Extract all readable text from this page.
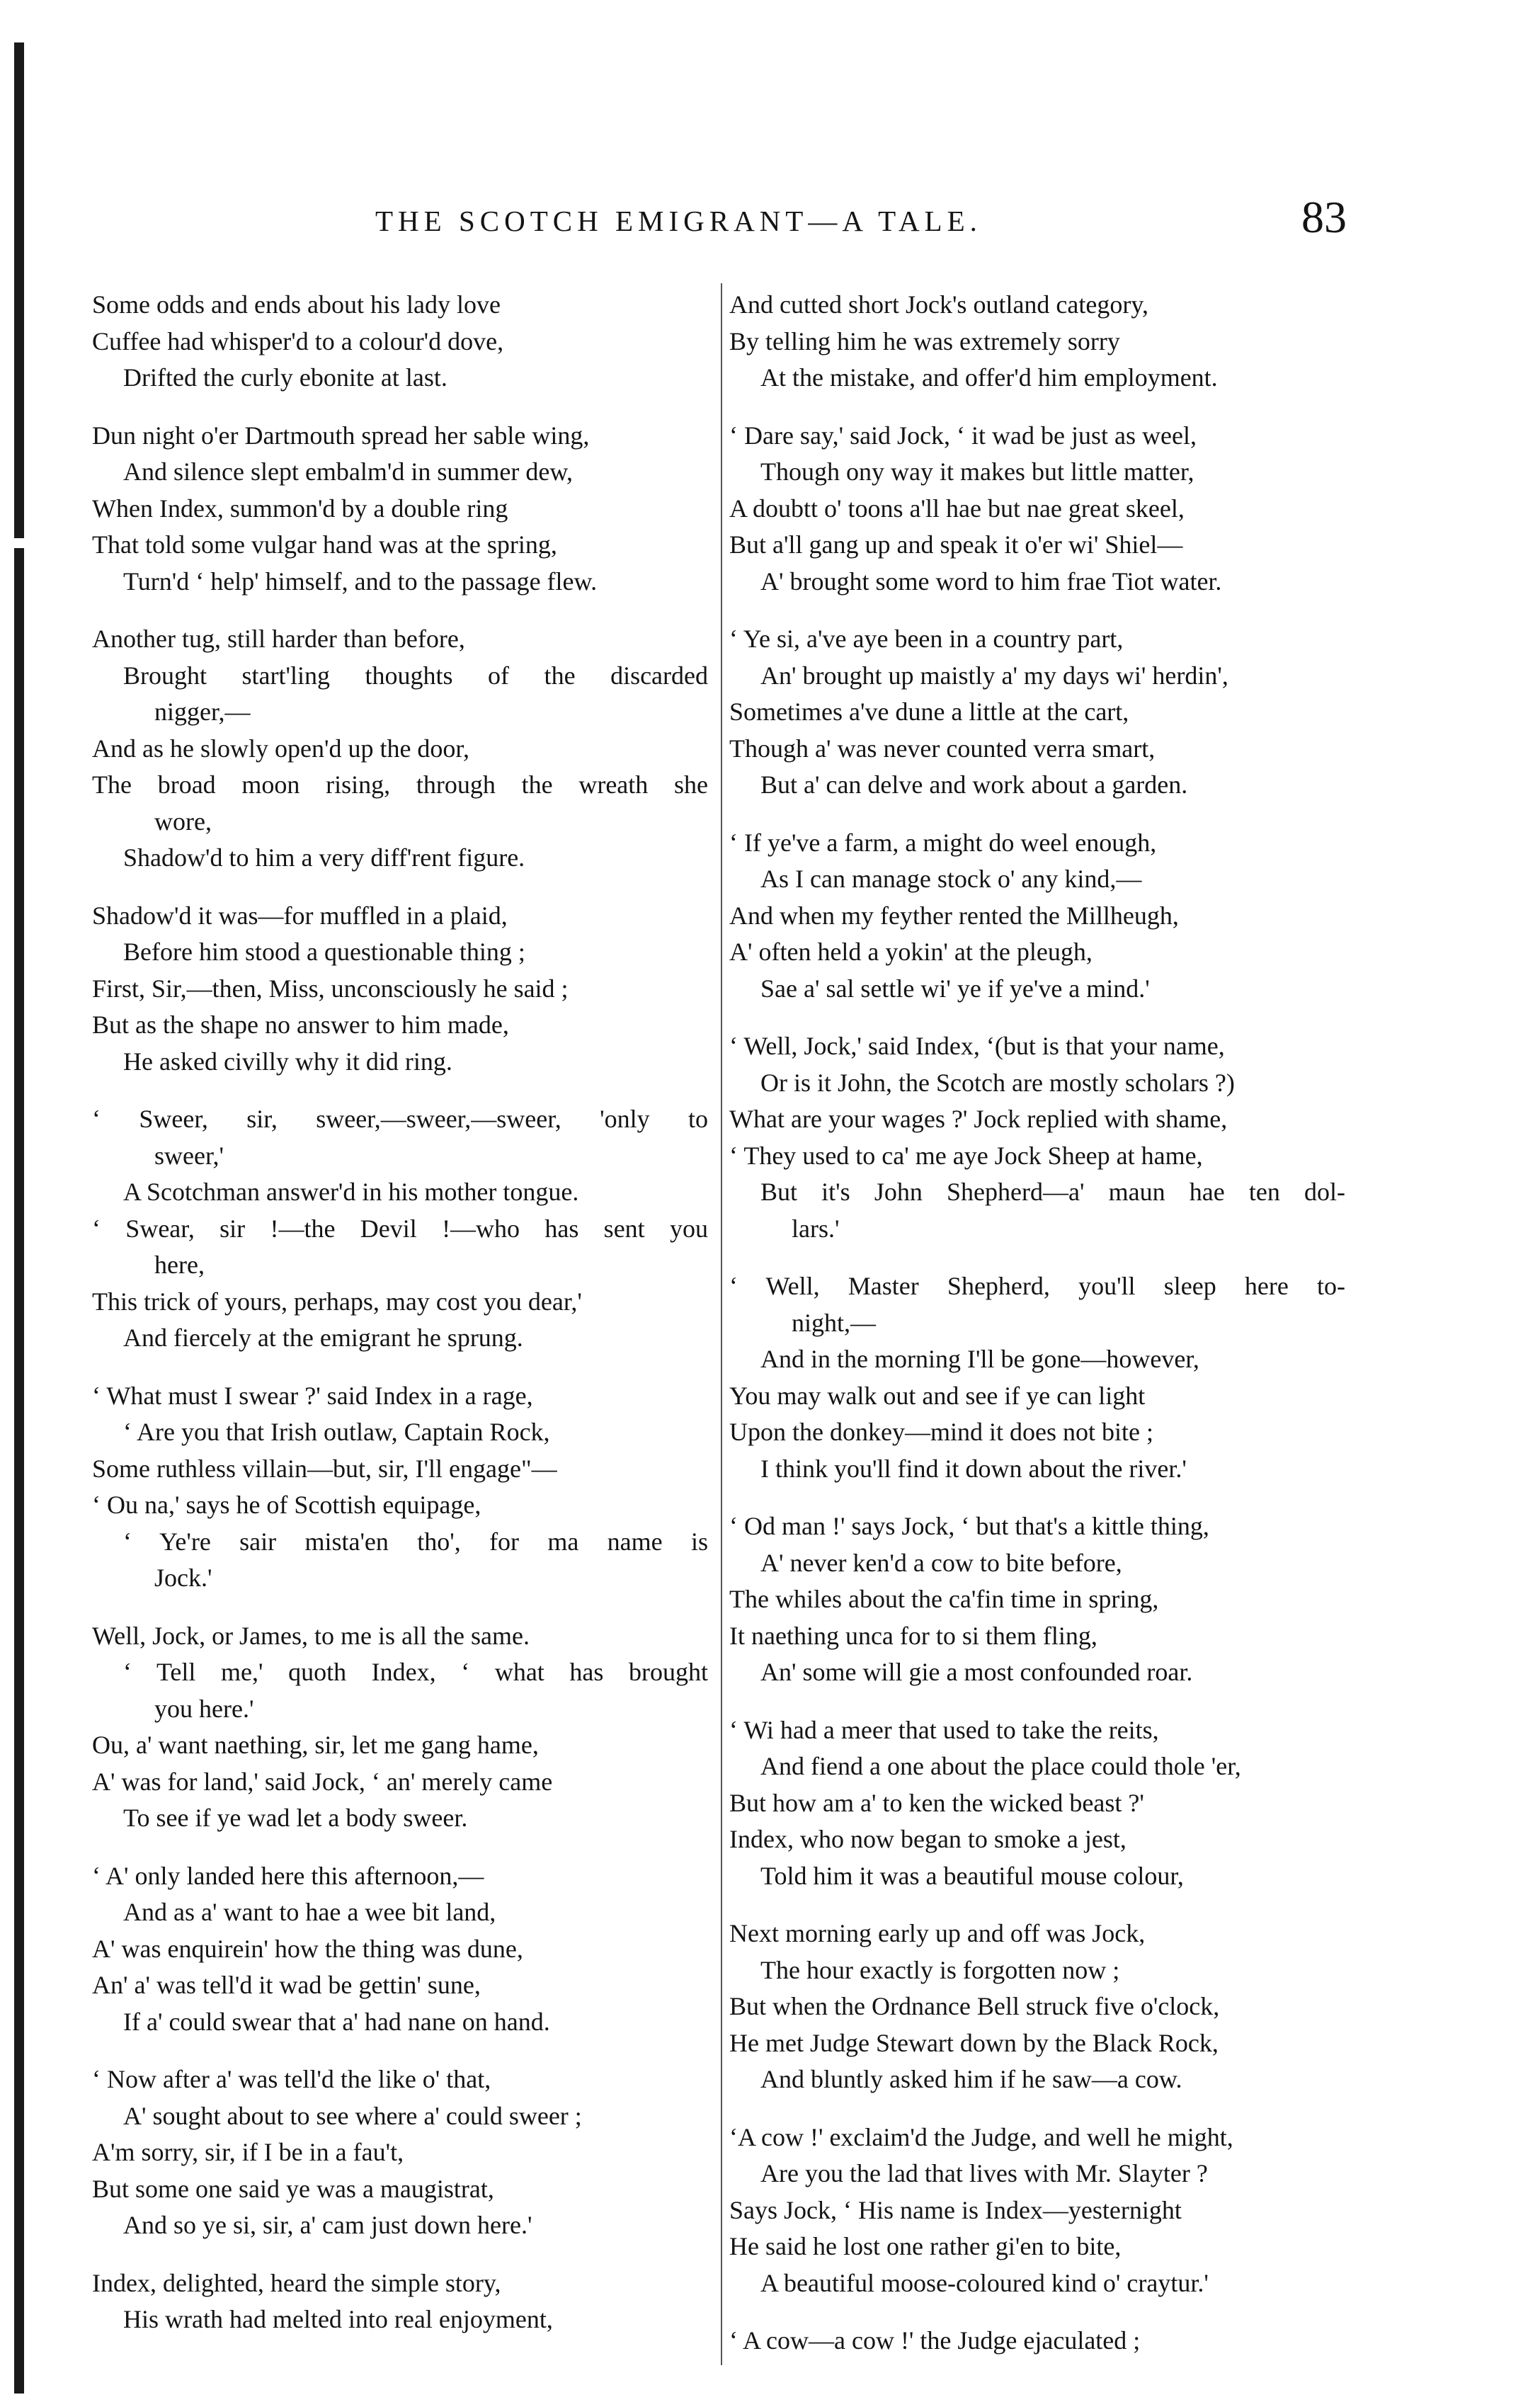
THE SCOTCH EMIGRANT—A TALE.	83
Some odds and ends about his lady love
Cuffee had whisper'd to a colour'd dove,
Drifted the curly ebonite at last.
Dun night o'er Dartmouth spread her sable wing,
And silence slept embalm'd in summer dew,
When Index, summon'd by a double ring
That told some vulgar hand was at the spring,
Turn'd ‘ help' himself, and to the passage flew.
Another tug, still harder than before,
Brought start'ling thoughts of the discarded
nigger,—
And as he slowly open'd up the door,
The broad moon rising, through the wreath she
wore,
Shadow'd to him a very diff'rent figure.
Shadow'd it was—for muffled in a plaid,
Before him stood a questionable thing ;
First, Sir,—then, Miss, unconsciously he said ;
But as the shape no answer to him made,
He asked civilly why it did ring.
‘ Sweer, sir, sweer,—sweer,—sweer, 'only to
sweer,'
A Scotchman answer'd in his mother tongue.
‘ Swear, sir !—the Devil !—who has sent you
here,
This trick of yours, perhaps, may cost you dear,'
And fiercely at the emigrant he sprung.
‘ What must I swear ?' said Index in a rage,
‘ Are you that Irish outlaw, Captain Rock,
Some ruthless villain—but, sir, I'll engage"—
‘ Ou na,' says he of Scottish equipage,
‘ Ye're sair mista'en tho', for ma name is
Jock.'
Well, Jock, or James, to me is all the same.
‘ Tell me,' quoth Index, ‘ what has brought
you here.'
Ou, a' want naething, sir, let me gang hame,
A' was for land,' said Jock, ‘ an' merely came
To see if ye wad let a body sweer.
‘ A' only landed here this afternoon,—
And as a' want to hae a wee bit land,
A' was enquirein' how the thing was dune,
An' a' was tell'd it wad be gettin' sune,
If a' could swear that a' had nane on hand.
‘ Now after a' was tell'd the like o' that,
A' sought about to see where a' could sweer ;
A'm sorry, sir, if I be in a fau't,
But some one said ye was a maugistrat,
And so ye si, sir, a' cam just down here.'
Index, delighted, heard the simple story,
His wrath had melted into real enjoyment,
And cutted short Jock's outland category,
By telling him he was extremely sorry
At the mistake, and offer'd him employment.
‘ Dare say,' said Jock, ‘ it wad be just as weel,
Though ony way it makes but little matter,
A doubtt o' toons a'll hae but nae great skeel,
But a'll gang up and speak it o'er wi' Shiel—
A' brought some word to him frae Tiot water.
‘ Ye si, a've aye been in a country part,
An' brought up maistly a' my days wi' herdin',
Sometimes a've dune a little at the cart,
Though a' was never counted verra smart,
But a' can delve and work about a garden.
‘ If ye've a farm, a might do weel enough,
As I can manage stock o' any kind,—
And when my feyther rented the Millheugh,
A' often held a yokin' at the pleugh,
Sae a' sal settle wi' ye if ye've a mind.'
‘ Well, Jock,' said Index, ‘(but is that your name,
Or is it John, the Scotch are mostly scholars ?)
What are your wages ?' Jock replied with shame,
‘ They used to ca' me aye Jock Sheep at hame,
But it's John Shepherd—a' maun hae ten dol-
lars.'
‘ Well, Master Shepherd, you'll sleep here to-
night,—
And in the morning I'll be gone—however,
You may walk out and see if ye can light
Upon the donkey—mind it does not bite ;
I think you'll find it down about the river.'
‘ Od man !' says Jock, ‘ but that's a kittle thing,
A' never ken'd a cow to bite before,
The whiles about the ca'fin time in spring,
It naething unca for to si them fling,
An' some will gie a most confounded roar.
‘ Wi had a meer that used to take the reits,
And fiend a one about the place could thole 'er,
But how am a' to ken the wicked beast ?'
Index, who now began to smoke a jest,
Told him it was a beautiful mouse colour,
Next morning early up and off was Jock,
The hour exactly is forgotten now ;
But when the Ordnance Bell struck five o'clock,
He met Judge Stewart down by the Black Rock,
And bluntly asked him if he saw—a cow.
‘A cow !' exclaim'd the Judge, and well he might,
Are you the lad that lives with Mr. Slayter ?
Says Jock, ‘ His name is Index—yesternight
He said he lost one rather gi'en to bite,
A beautiful moose-coloured kind o' craytur.'
‘ A cow—a cow !' the Judge ejaculated ;
